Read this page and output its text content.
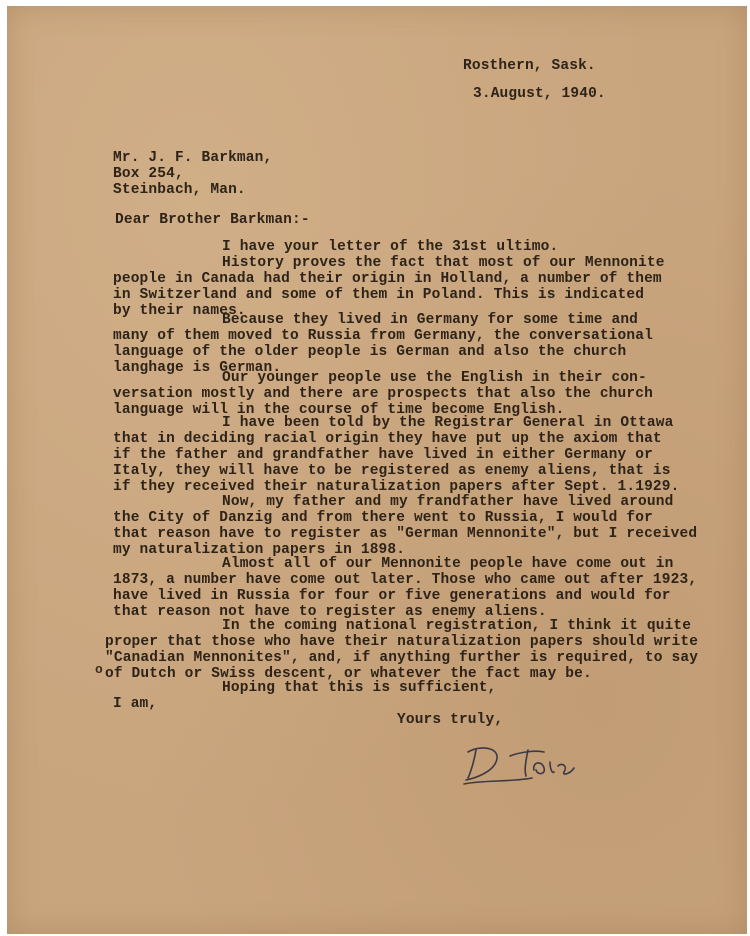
Rosthern, Sask.
3.August, 1940.
Mr. J. F. Barkman,
Box 254,
Steinbach, Man.
Dear Brother Barkman:-
I have your letter of the 31st ultimo.
History proves the fact that most of our Mennonite
people in Canada had their origin in Holland, a number of them
in Switzerland and some of them in Poland. This is indicated
by their names.
Because they lived in Germany for some time and
many of them moved to Russia from Germany, the conversational
language of the older people is German and also the church
langhage is German.
Our younger people use the English in their con-
versation mostly and there are prospects that also the church
language will in the course of time become English.
I have been told by the Registrar General in Ottawa
that in deciding racial origin they have put up the axiom that
if the father and grandfather have lived in either Germany or
Italy, they will have to be registered as enemy aliens, that is
if they received their naturalization papers after Sept. 1.1929.
Now, my father and my frandfather have lived around
the City of Danzig and from there went to Russia, I would for
that reason have to register as "German Mennonite", but I received
my naturalization papers in 1898.
Almost all of our Mennonite people have come out in
1873, a number have come out later. Those who came out after 1923,
have lived in Russia for four or five generations and would for
that reason not have to register as enemy aliens.
In the coming national registration, I think it quite
proper that those who have their naturalization papers should write
"Canadian Mennonites", and, if anything further is required, to say
of Dutch or Swiss descent, or whatever the fact may be.
Hoping that this is sufficient,
I am,
Yours truly,
o
